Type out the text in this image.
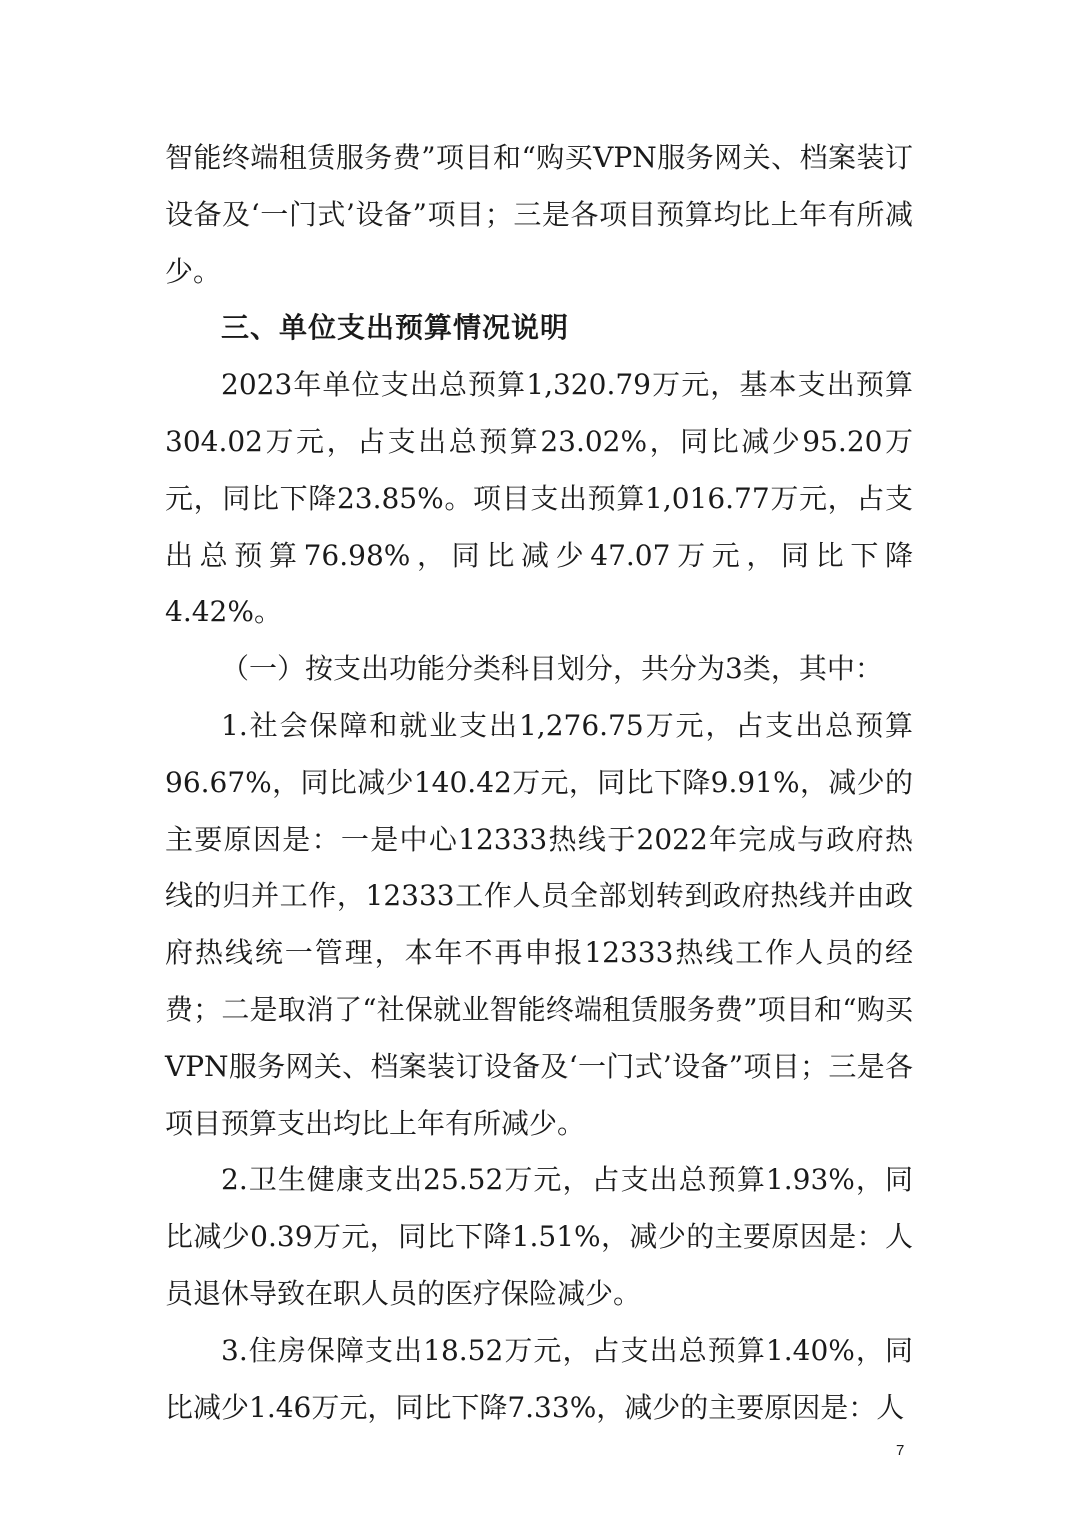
智能终端租赁服务费”项目和“购买VPN服务网关、档案装订设备及‘一门式’设备”项目；三是各项目预算均比上年有所减少。

三、单位支出预算情况说明

2023年单位支出总预算1,320.79万元，基本支出预算304.02万元，占支出总预算23.02%，同比减少95.20万元，同比下降23.85%。项目支出预算1,016.77万元，占支出总预算76.98%，同比减少47.07万元，同比下降4.42%。

（一）按支出功能分类科目划分，共分为3类，其中：

1.社会保障和就业支出1,276.75万元，占支出总预算96.67%，同比减少140.42万元，同比下降9.91%，减少的主要原因是：一是中心12333热线于2022年完成与政府热线的归并工作，12333工作人员全部划转到政府热线并由政府热线统一管理，本年不再申报12333热线工作人员的经费；二是取消了“社保就业智能终端租赁服务费”项目和“购买VPN服务网关、档案装订设备及‘一门式’设备”项目；三是各项目预算支出均比上年有所减少。

2.卫生健康支出25.52万元，占支出总预算1.93%，同比减少0.39万元，同比下降1.51%，减少的主要原因是：人员退休导致在职人员的医疗保险减少。

3.住房保障支出18.52万元，占支出总预算1.40%，同比减少1.46万元，同比下降7.33%，减少的主要原因是：人

7
